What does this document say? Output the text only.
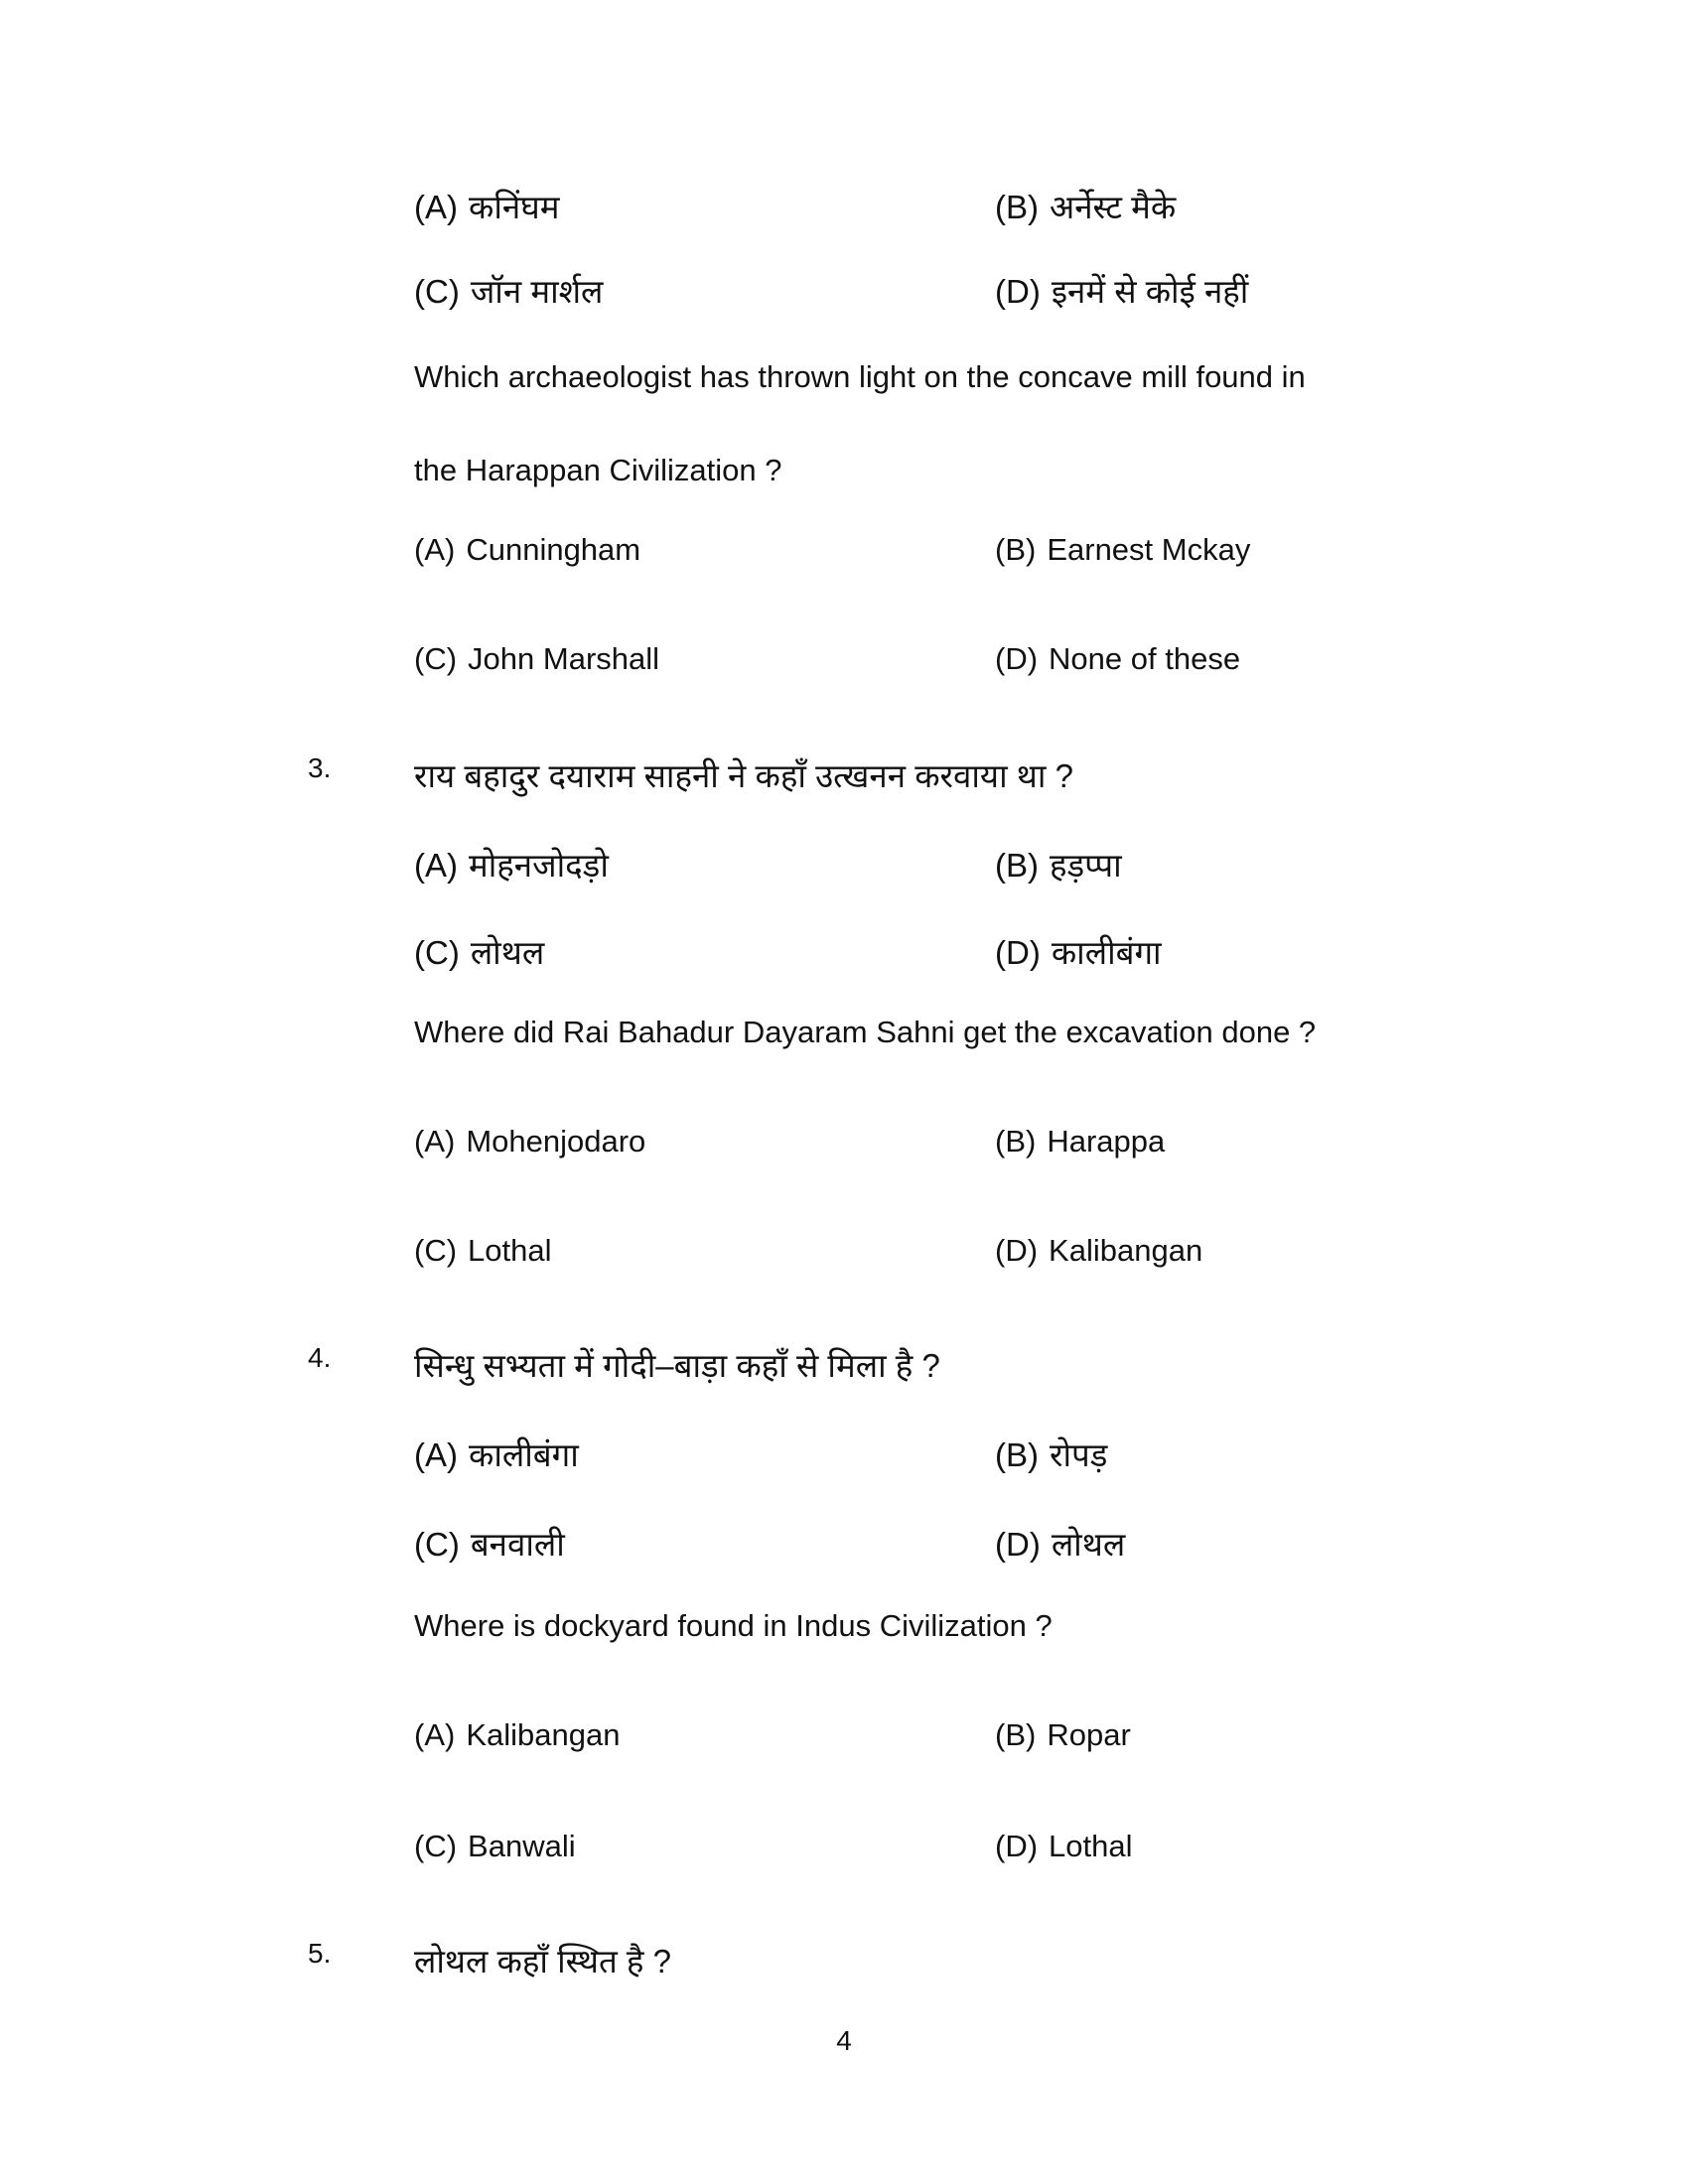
(A) कनिंघम	(B) अर्नेस्ट मैके
(C) जॉन मार्शल	(D) इनमें से कोई नहीं
Which archaeologist has thrown light on the concave mill found in
the Harappan Civilization ?
(A) Cunningham	(B) Earnest Mckay
(C) John Marshall	(D) None of these
3.	राय बहादुर दयाराम साहनी ने कहाँ उत्खनन करवाया था ?
(A) मोहनजोदड़ो	(B) हड़प्पा
(C) लोथल	(D) कालीबंगा
Where did Rai Bahadur Dayaram Sahni get the excavation done ?
(A) Mohenjodaro	(B) Harappa
(C) Lothal	(D) Kalibangan
4.	सिन्धु सभ्यता में गोदी–बाड़ा कहाँ से मिला है ?
(A) कालीबंगा	(B) रोपड़
(C) बनवाली	(D) लोथल
Where is dockyard found in Indus Civilization ?
(A) Kalibangan	(B) Ropar
(C) Banwali	(D) Lothal
5.	लोथल कहाँ स्थित है ?
4
